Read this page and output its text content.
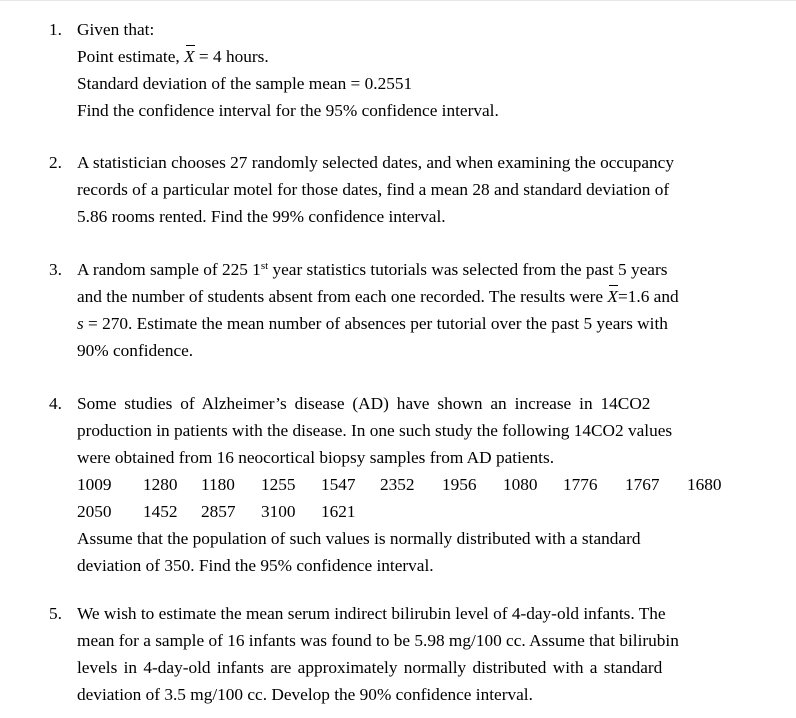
1. Given that:
Point estimate, X = 4 hours.
Standard deviation of the sample mean = 0.2551
Find the confidence interval for the 95% confidence interval.
2. A statistician chooses 27 randomly selected dates, and when examining the occupancy
records of a particular motel for those dates, find a mean 28 and standard deviation of
5.86 rooms rented. Find the 99% confidence interval.
3. A random sample of 225 1st year statistics tutorials was selected from the past 5 years
and the number of students absent from each one recorded. The results were X=1.6 and
s = 270. Estimate the mean number of absences per tutorial over the past 5 years with
90% confidence.
4. Some studies of Alzheimer’s disease (AD) have shown an increase in 14CO2
production in patients with the disease. In one such study the following 14CO2 values
were obtained from 16 neocortical biopsy samples from AD patients.
1009	1280	1180	1255	1547	2352	1956	1080	1776	1767	1680
2050	1452	2857	3100	1621
Assume that the population of such values is normally distributed with a standard
deviation of 350. Find the 95% confidence interval.
5. We wish to estimate the mean serum indirect bilirubin level of 4-day-old infants. The
mean for a sample of 16 infants was found to be 5.98 mg/100 cc. Assume that bilirubin
levels in 4-day-old infants are approximately normally distributed with a standard
deviation of 3.5 mg/100 cc. Develop the 90% confidence interval.
